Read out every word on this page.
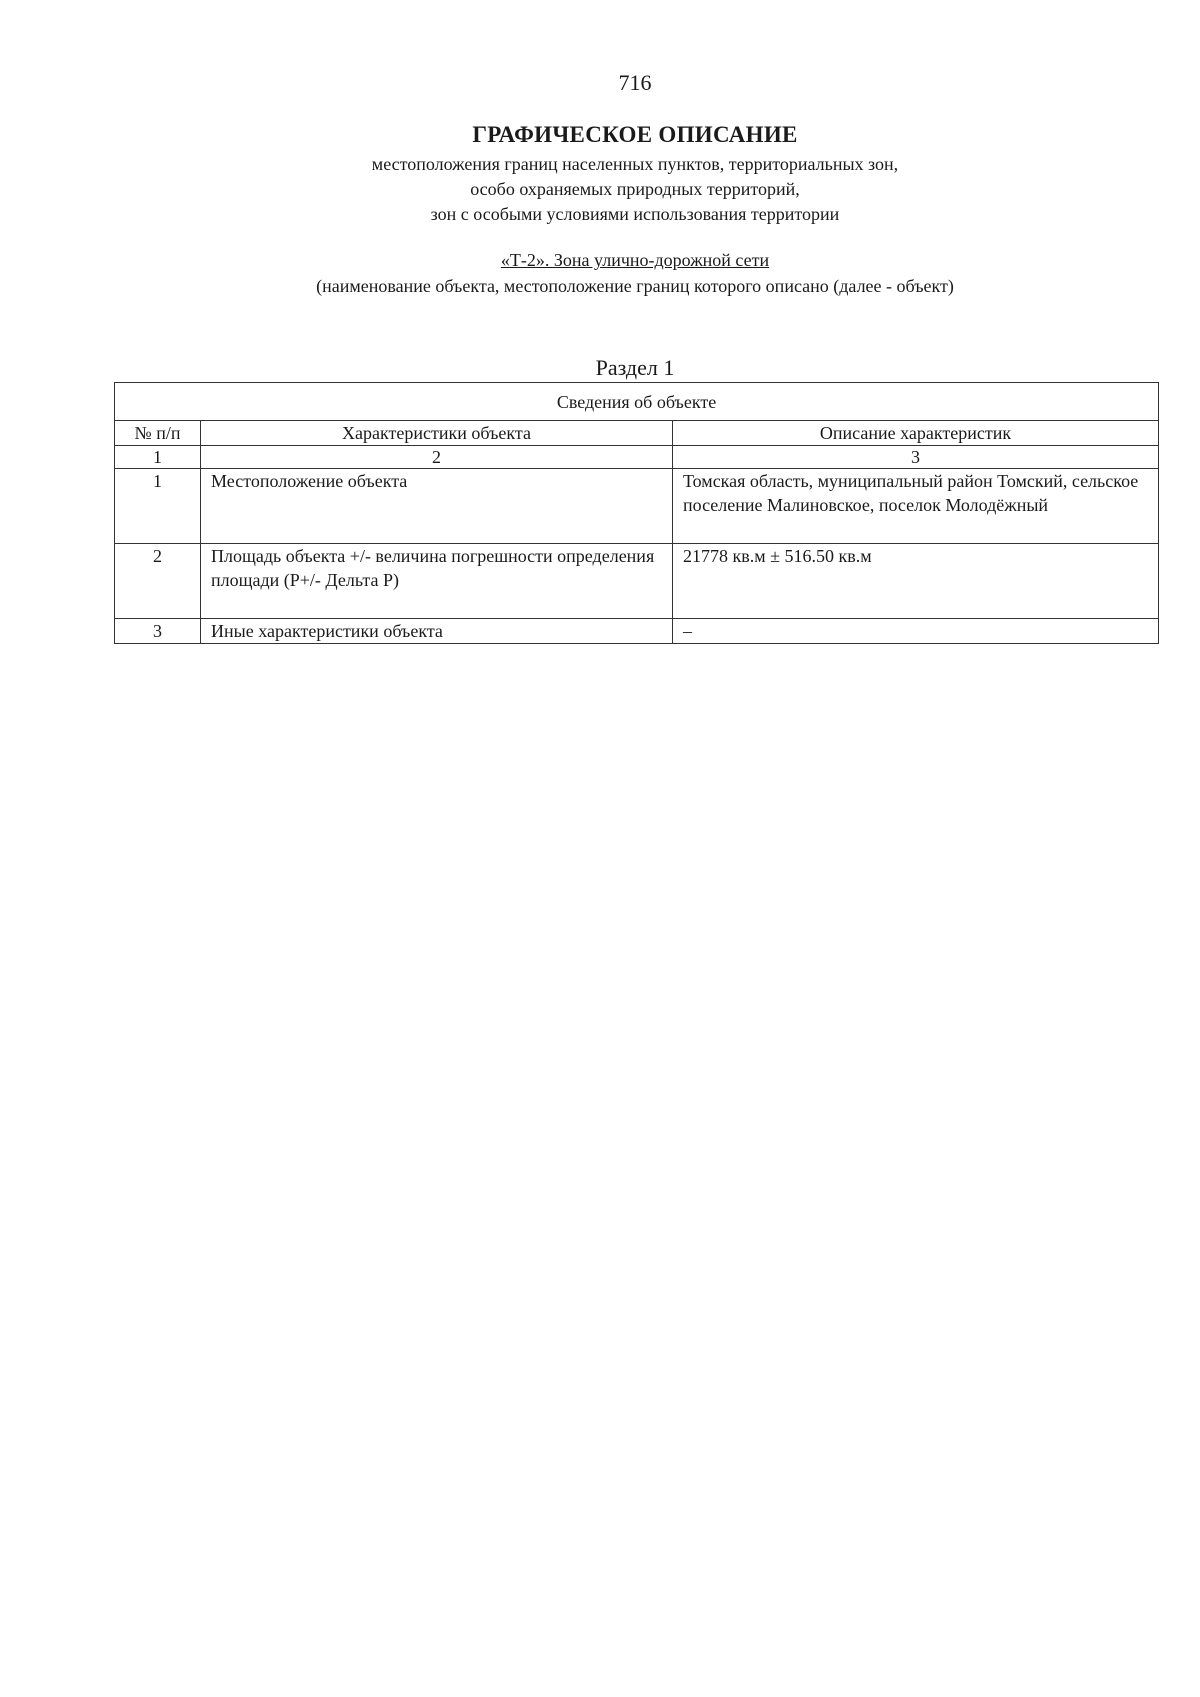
716
ГРАФИЧЕСКОЕ ОПИСАНИЕ
местоположения границ населенных пунктов, территориальных зон,
особо охраняемых природных территорий,
зон с особыми условиями использования территории
«Т-2». Зона улично-дорожной сети
(наименование объекта, местоположение границ которого описано (далее - объект)
Раздел 1
Сведения об объекте		
№ п/п	Характеристики объекта	Описание характеристик
1	2	3
1	Местоположение объекта	Томская область, муниципальный район Томский, сельское поселение Малиновское, поселок Молодёжный
2	Площадь объекта +/- величина погрешности определения площади (P+/- Дельта P)	21778 кв.м ± 516.50 кв.м
3	Иные характеристики объекта	–
